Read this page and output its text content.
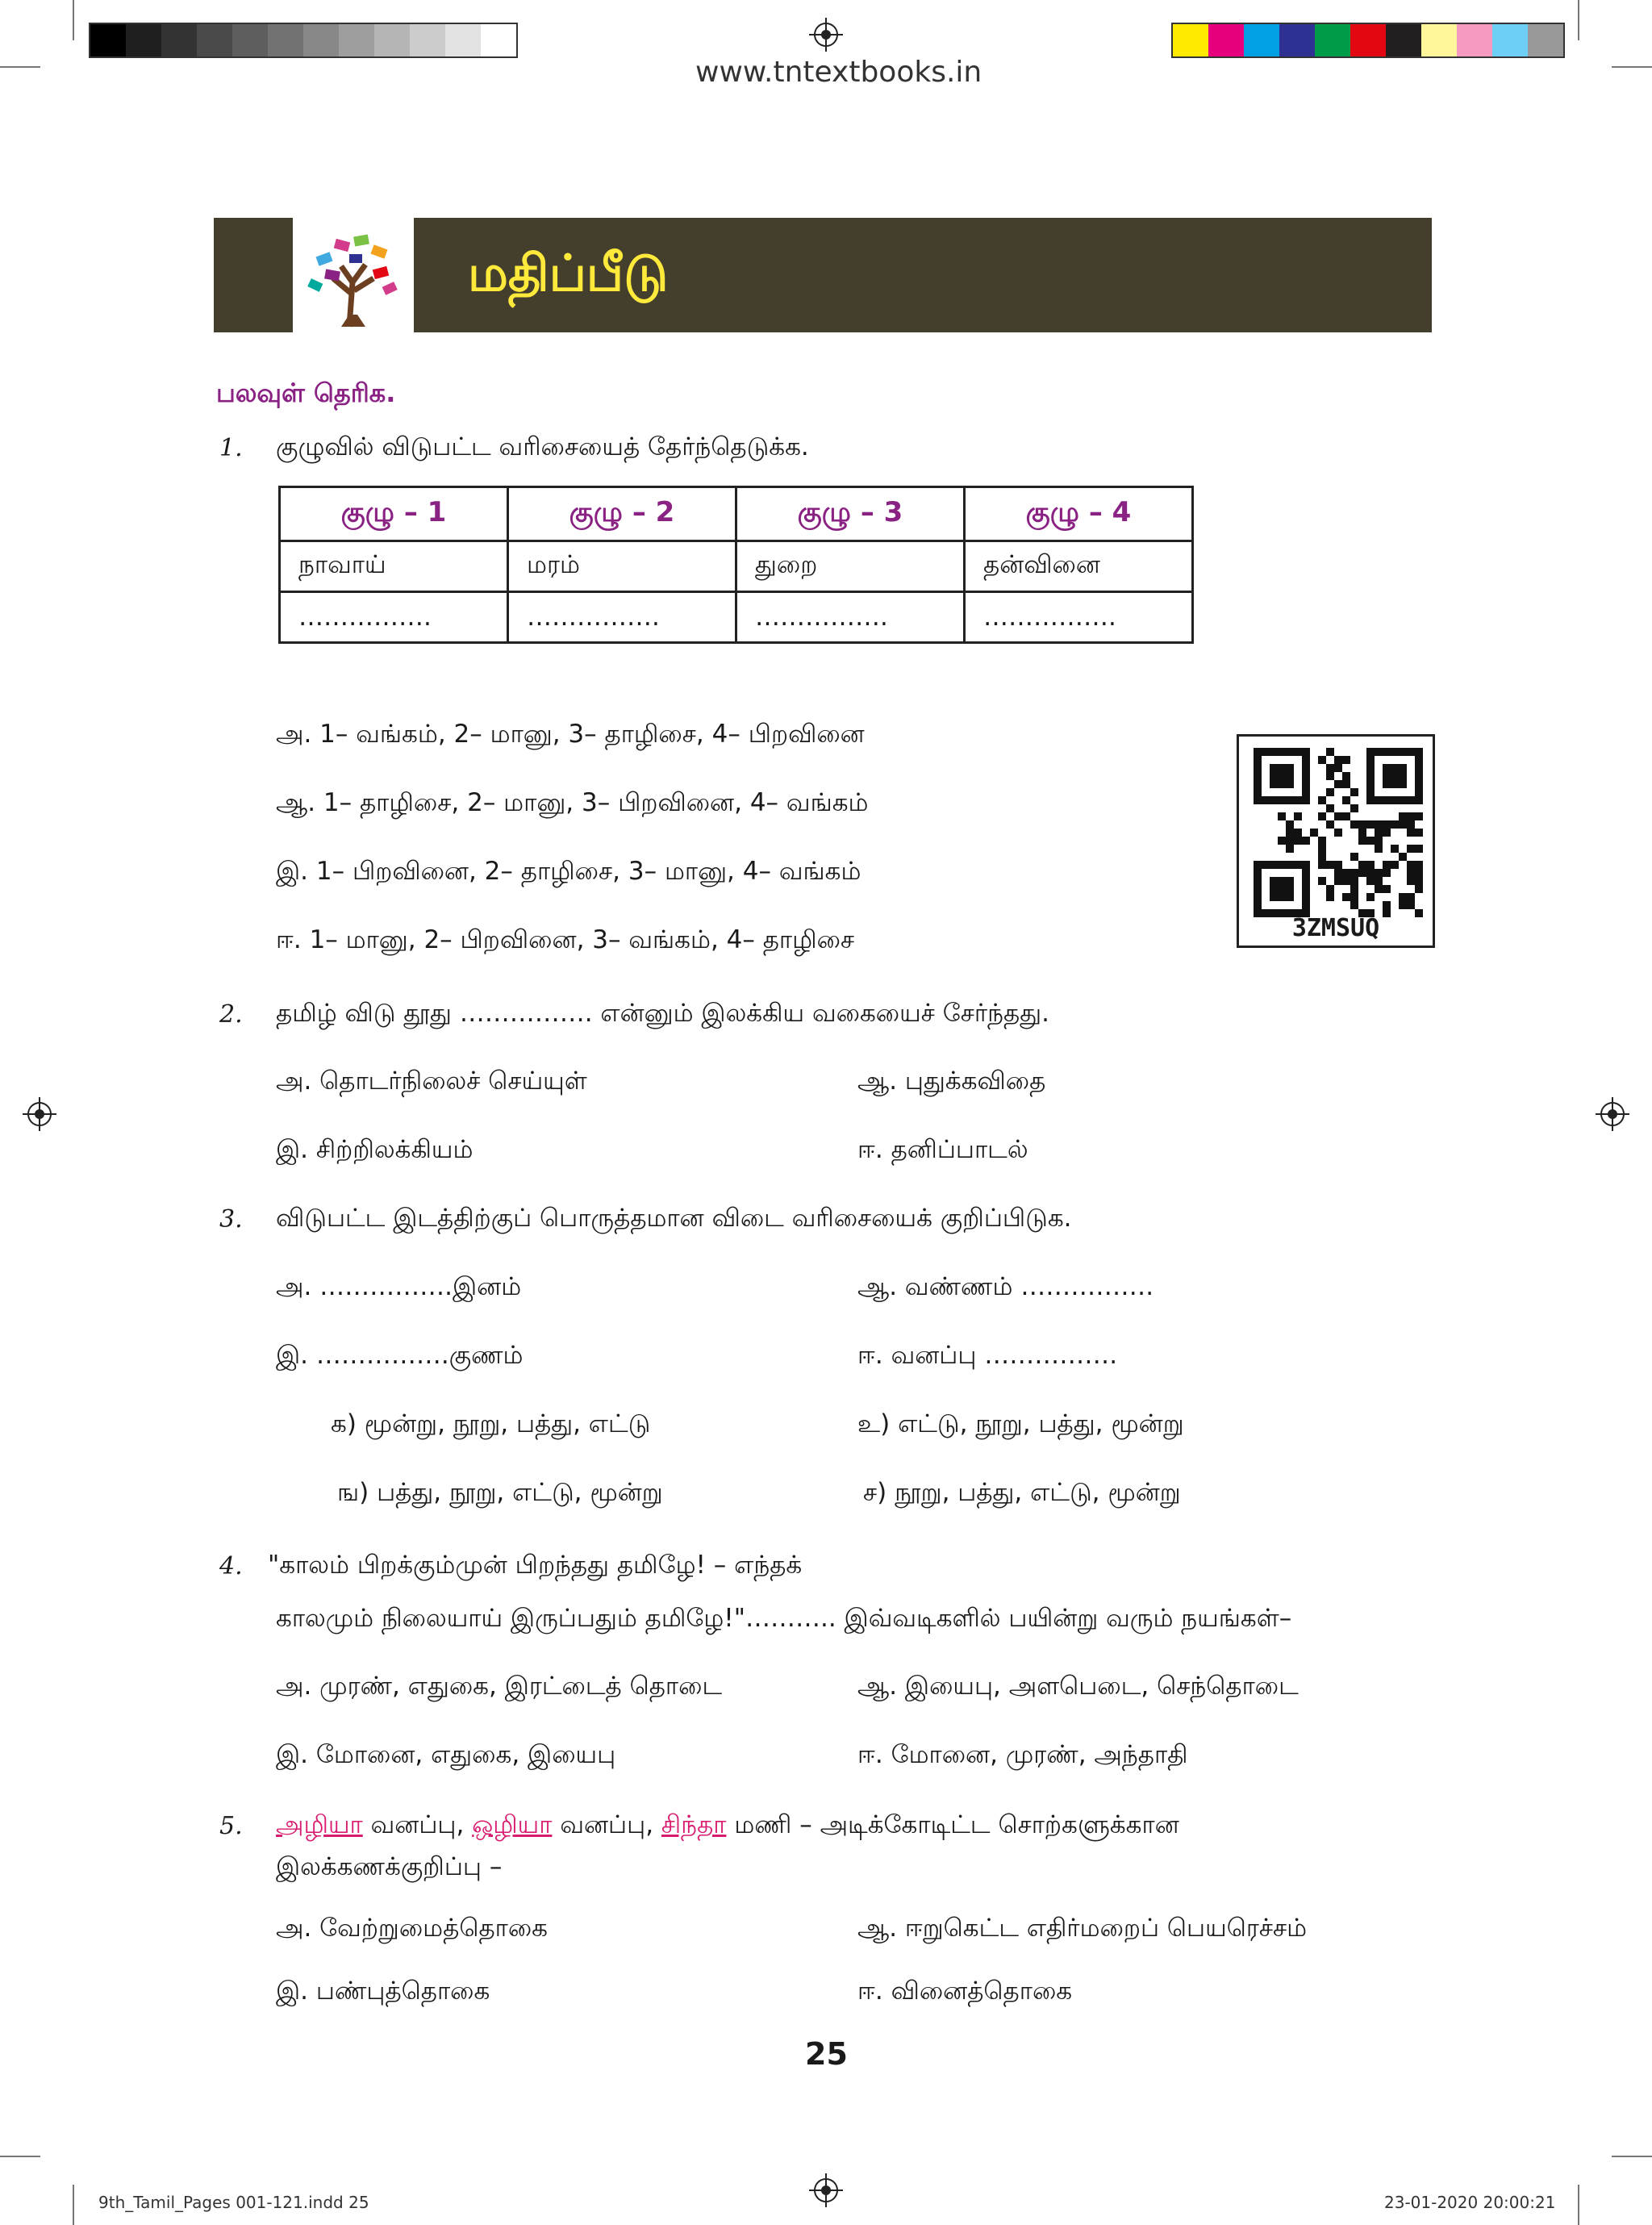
www.tntextbooks.in
மதிப்பீடு
பலவுள் தெரிக.
1. குழுவில் விடுபட்ட வரிசையைத் தேர்ந்தெடுக்க.
குழு – 1	குழு – 2	குழு – 3	குழு – 4
நாவாய்	மரம்	துறை	தன்வினை
…………….	…………….	…………….	…………….
அ. 1– வங்கம், 2– மானு, 3– தாழிசை, 4– பிறவினை
ஆ. 1– தாழிசை, 2– மானு, 3– பிறவினை, 4– வங்கம்
இ. 1– பிறவினை, 2– தாழிசை, 3– மானு, 4– வங்கம்
ஈ. 1– மானு, 2– பிறவினை, 3– வங்கம், 4– தாழிசை	3ZMSUQ
2. தமிழ் விடு தூது ……………. என்னும் இலக்கிய வகையைச் சேர்ந்தது.
அ. தொடர்நிலைச் செய்யுள்	ஆ. புதுக்கவிதை
இ. சிற்றிலக்கியம்	ஈ. தனிப்பாடல்
3. விடுபட்ட இடத்திற்குப் பொருத்தமான விடை வரிசையைக் குறிப்பிடுக.
அ. …………….இனம்	ஆ. வண்ணம் …………….
இ. …………….குணம்	ஈ. வனப்பு …………….
க) மூன்று, நூறு, பத்து, எட்டு	உ) எட்டு, நூறு, பத்து, மூன்று
ங) பத்து, நூறு, எட்டு, மூன்று	ச) நூறு, பத்து, எட்டு, மூன்று
4. "காலம் பிறக்கும்முன் பிறந்தது தமிழே! – எந்தக்
காலமும் நிலையாய் இருப்பதும் தமிழே!"……….. இவ்வடிகளில் பயின்று வரும் நயங்கள்–
அ. முரண், எதுகை, இரட்டைத் தொடை	ஆ. இயைபு, அளபெடை, செந்தொடை
இ. மோனை, எதுகை, இயைபு	ஈ. மோனை, முரண், அந்தாதி
5. அழியா வனப்பு, ஒழியா வனப்பு, சிந்தா மணி – அடிக்கோடிட்ட சொற்களுக்கான
இலக்கணக்குறிப்பு –
அ. வேற்றுமைத்தொகை	ஆ. ஈறுகெட்ட எதிர்மறைப் பெயரெச்சம்
இ. பண்புத்தொகை	ஈ. வினைத்தொகை
25
9th_Tamil_Pages 001-121.indd 25	23-01-2020 20:00:21
